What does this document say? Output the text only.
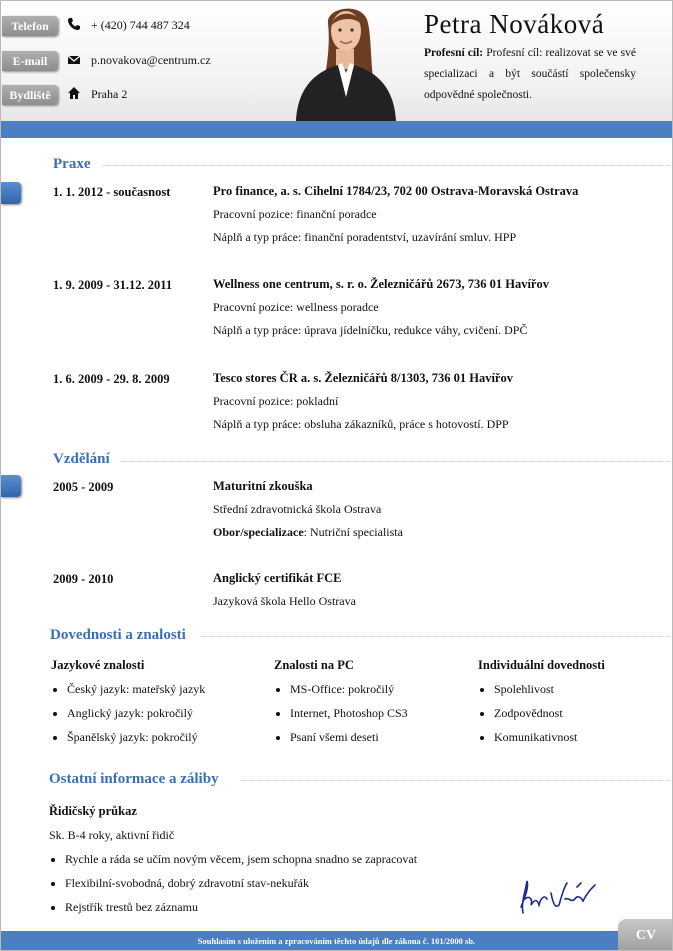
Telefon	+ (420) 744 487 324
E-mail	p.novakova@centrum.cz
Bydliště	Praha 2
Petra Nováková
Profesní cíl: Profesní cíl: realizovat se ve své specializaci a být součástí společensky odpovědné společnosti.
Praxe
1. 1. 2012 - současnost	Pro finance, a. s. Cihelní 1784/23, 702 00 Ostrava-Moravská Ostrava
Pracovní pozice: finanční poradce
Náplň a typ práce: finanční poradentství, uzavírání smluv. HPP
1. 9. 2009 - 31.12. 2011	Wellness one centrum, s. r. o. Železničářů 2673, 736 01 Havířov
Pracovní pozice: wellness poradce
Náplň a typ práce: úprava jídelníčku, redukce váhy, cvičení. DPČ
1. 6. 2009 - 29. 8. 2009	Tesco stores ČR a. s. Železničářů 8/1303, 736 01 Havířov
Pracovní pozice: pokladní
Náplň a typ práce: obsluha zákazníků, práce s hotovostí. DPP
Vzdělání
2005 - 2009	Maturitní zkouška
Střední zdravotnická škola Ostrava
Obor/specializace: Nutriční specialista
2009 - 2010	Anglický certifikát FCE
Jazyková škola Hello Ostrava
Dovednosti a znalosti
Jazykové znalosti
• Český jazyk: mateřský jazyk
• Anglický jazyk: pokročilý
• Španělský jazyk: pokročilý
Znalosti na PC
• MS-Office: pokročilý
• Internet, Photoshop CS3
• Psaní všemi deseti
Individuální dovednosti
• Spolehlivost
• Zodpovědnost
• Komunikativnost
Ostatní informace a záliby
Řidičský průkaz
Sk. B-4 roky, aktivní řidič
• Rychle a ráda se učím novým věcem, jsem schopna snadno se zapracovat
• Flexibilní-svobodná, dobrý zdravotní stav-nekuřák
• Rejstřík trestů bez záznamu
Souhlasím s uložením a zpracováním těchto údajů dle zákona č. 101/2000 sb.	CV
